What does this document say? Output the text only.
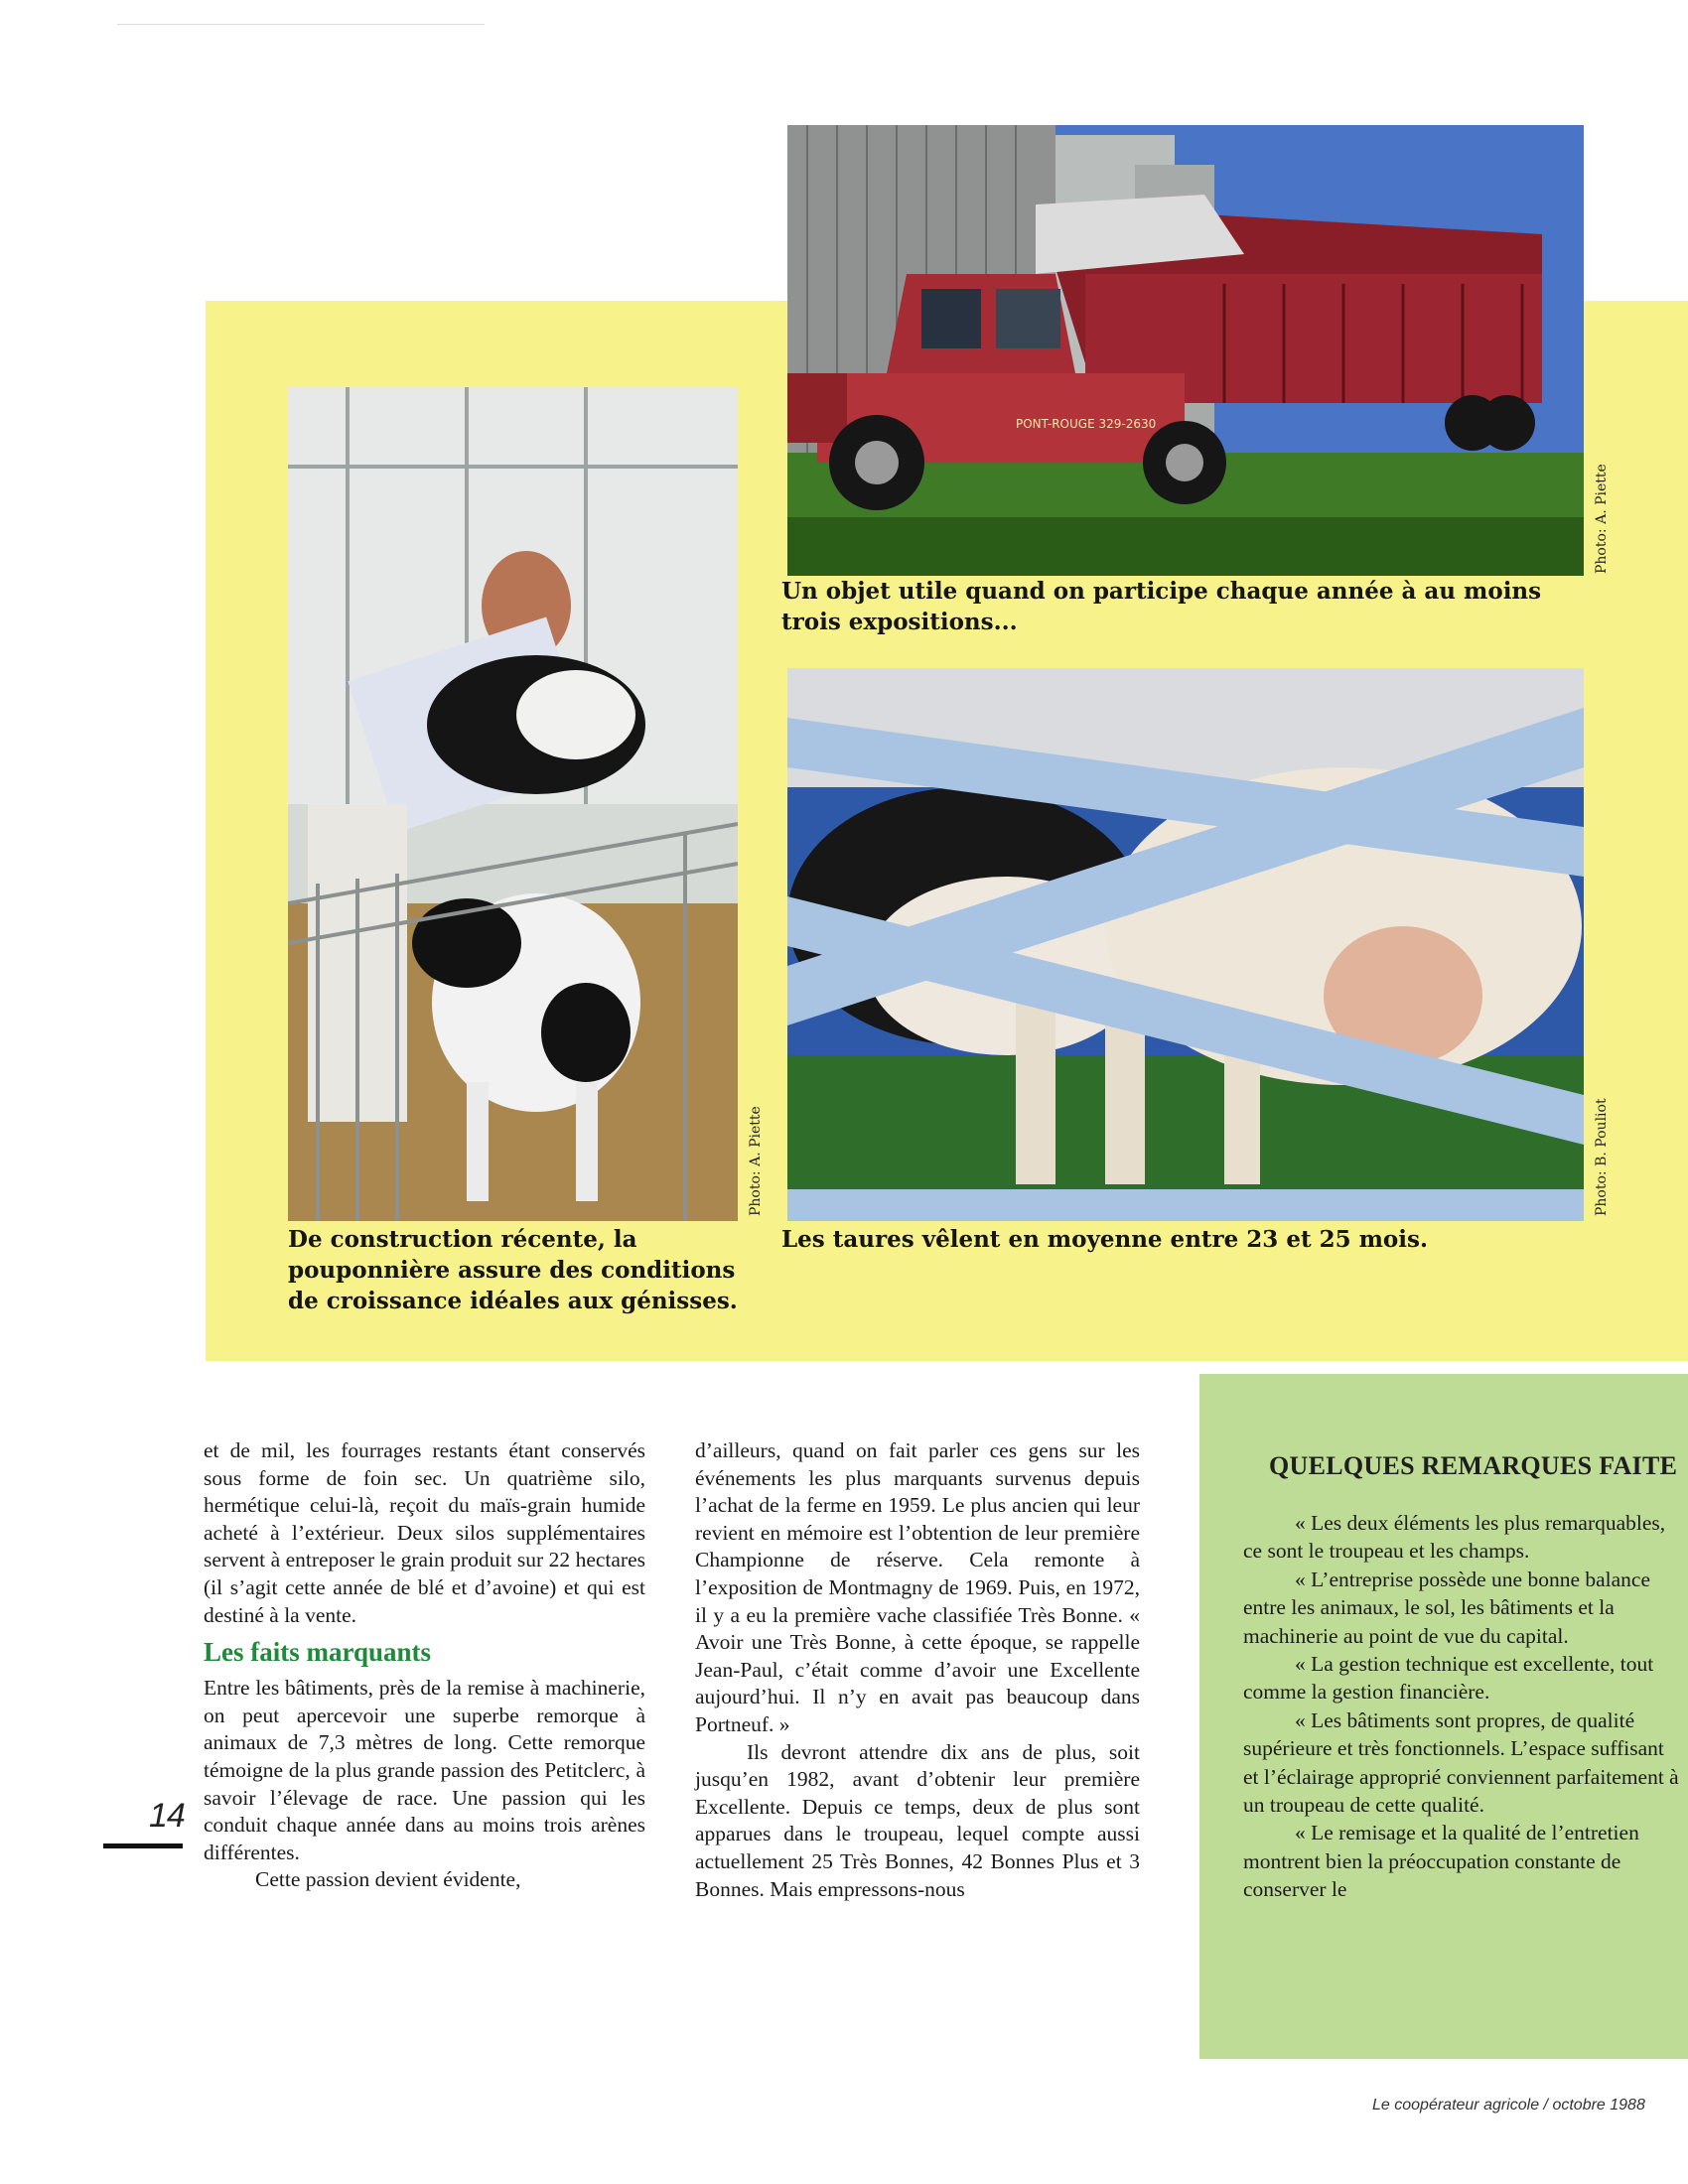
PONT-ROUGE 329-2630
Photo: A. Piette
Un objet utile quand on participe chaque année à au moins trois expositions...
Photo: A. Piette
De construction récente, la pouponnière assure des conditions de croissance idéales aux génisses.
Photo: B. Pouliot
Les taures vêlent en moyenne entre 23 et 25 mois.

et de mil, les fourrages restants étant conservés sous forme de foin sec. Un quatrième silo, hermétique celui-là, reçoit du maïs-grain humide acheté à l’extérieur. Deux silos supplémentaires servent à entreposer le grain produit sur 22 hectares (il s’agit cette année de blé et d’avoine) et qui est destiné à la vente.

Les faits marquants

Entre les bâtiments, près de la remise à machinerie, on peut apercevoir une superbe remorque à animaux de 7,3 mètres de long. Cette remorque témoigne de la plus grande passion des Petitclerc, à savoir l’élevage de race. Une passion qui les conduit chaque année dans au moins trois arènes différentes.

Cette passion devient évidente,

d’ailleurs, quand on fait parler ces gens sur les événements les plus marquants survenus depuis l’achat de la ferme en 1959. Le plus ancien qui leur revient en mémoire est l’obtention de leur première Championne de réserve. Cela remonte à l’exposition de Montmagny de 1969. Puis, en 1972, il y a eu la première vache classifiée Très Bonne. « Avoir une Très Bonne, à cette époque, se rappelle Jean-Paul, c’était comme d’avoir une Excellente aujourd’hui. Il n’y en avait pas beaucoup dans Portneuf. »

Ils devront attendre dix ans de plus, soit jusqu’en 1982, avant d’obtenir leur première Excellente. Depuis ce temps, deux de plus sont apparues dans le troupeau, lequel compte aussi actuellement 25 Très Bonnes, 42 Bonnes Plus et 3 Bonnes. Mais empressons-nous

14
QUELQUES REMARQUES FAITE

« Les deux éléments les plus remarquables, ce sont le troupeau et les champs.

« L’entreprise possède une bonne balance entre les animaux, le sol, les bâtiments et la machinerie au point de vue du capital.

« La gestion technique est excellente, tout comme la gestion financière.

« Les bâtiments sont propres, de qualité supérieure et très fonctionnels. L’espace suffisant et l’éclairage approprié conviennent parfaitement à un troupeau de cette qualité.

« Le remisage et la qualité de l’entretien montrent bien la préoccupation constante de conserver le

Le coopérateur agricole / octobre 1988
